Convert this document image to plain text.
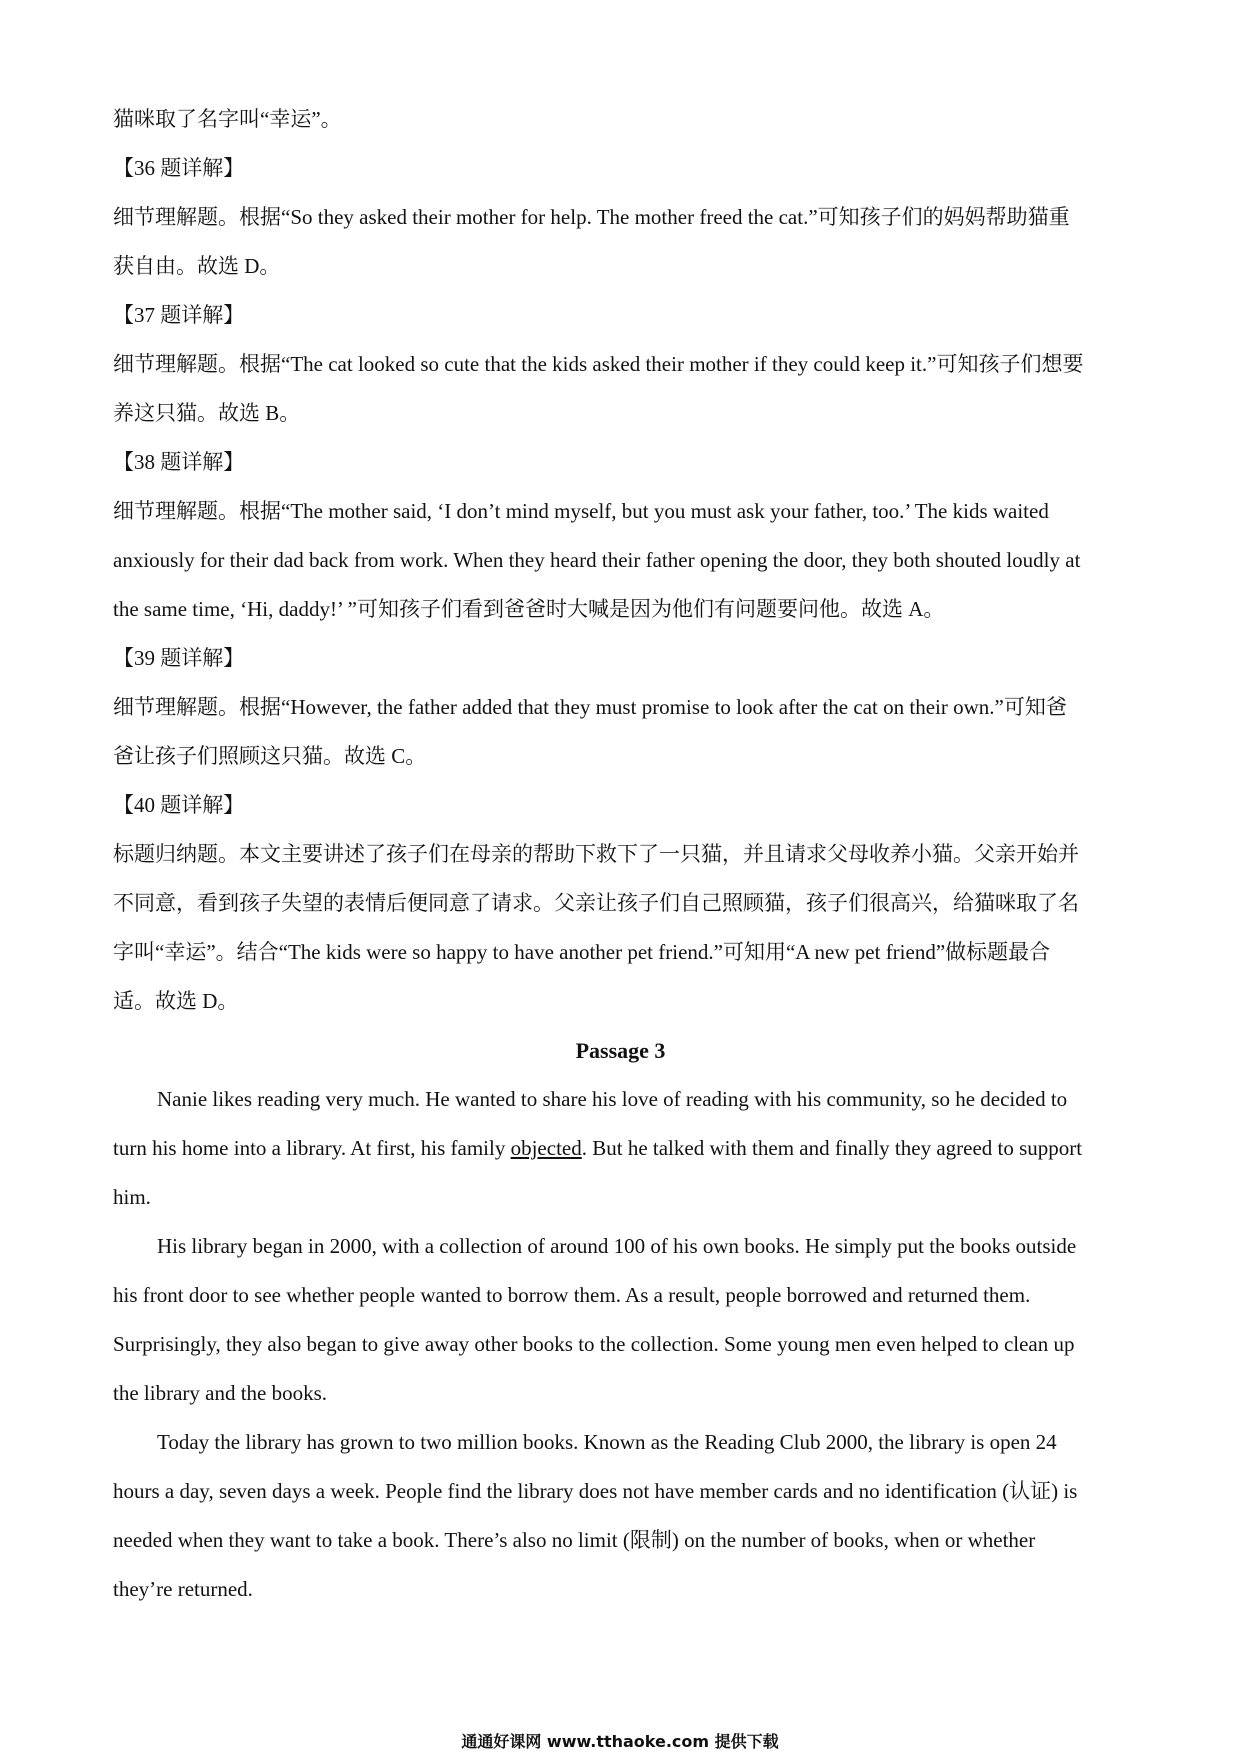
猫咪取了名字叫“幸运”。
【36 题详解】
细节理解题。根据“So they asked their mother for help. The mother freed the cat.”可知孩子们的妈妈帮助猫重
获自由。故选 D。
【37 题详解】
细节理解题。根据“The cat looked so cute that the kids asked their mother if they could keep it.”可知孩子们想要
养这只猫。故选 B。
【38 题详解】
细节理解题。根据“The mother said, ‘I don’t mind myself, but you must ask your father, too.’ The kids waited
anxiously for their dad back from work. When they heard their father opening the door, they both shouted loudly at
the same time, ‘Hi, daddy!’ ”可知孩子们看到爸爸时大喊是因为他们有问题要问他。故选 A。
【39 题详解】
细节理解题。根据“However, the father added that they must promise to look after the cat on their own.”可知爸
爸让孩子们照顾这只猫。故选 C。
【40 题详解】
标题归纳题。本文主要讲述了孩子们在母亲的帮助下救下了一只猫，并且请求父母收养小猫。父亲开始并
不同意，看到孩子失望的表情后便同意了请求。父亲让孩子们自己照顾猫，孩子们很高兴，给猫咪取了名
字叫“幸运”。结合“The kids were so happy to have another pet friend.”可知用“A new pet friend”做标题最合
适。故选 D。
Passage 3
Nanie likes reading very much. He wanted to share his love of reading with his community, so he decided to
turn his home into a library. At first, his family objected. But he talked with them and finally they agreed to support
him.
His library began in 2000, with a collection of around 100 of his own books. He simply put the books outside
his front door to see whether people wanted to borrow them. As a result, people borrowed and returned them.
Surprisingly, they also began to give away other books to the collection. Some young men even helped to clean up
the library and the books.
Today the library has grown to two million books. Known as the Reading Club 2000, the library is open 24
hours a day, seven days a week. People find the library does not have member cards and no identification (认证) is
needed when they want to take a book. There’s also no limit (限制) on the number of books, when or whether
they’re returned.
通通好课网 www.tthaoke.com 提供下载
